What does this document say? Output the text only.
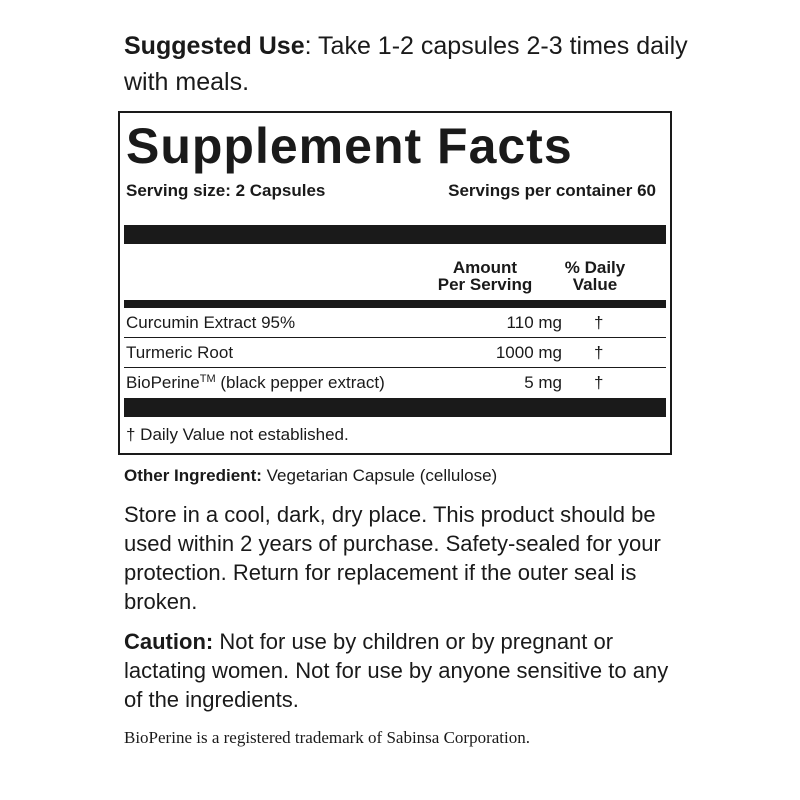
Suggested Use: Take 1-2 capsules 2-3 times daily with meals.
Supplement Facts
Serving size: 2 Capsules	Servings per container 60
Amount
Per Serving
% Daily
Value
Curcumin Extract 95%	110 mg †
Turmeric Root	1000 mg †
BioPerine™ (black pepper extract)	5 mg †
† Daily Value not established.
Other Ingredient: Vegetarian Capsule (cellulose)
Store in a cool, dark, dry place. This product should be used within 2 years of purchase. Safety-sealed for your protection. Return for replacement if the outer seal is broken.
Caution: Not for use by children or by pregnant or lactating women. Not for use by anyone sensitive to any of the ingredients.
BioPerine is a registered trademark of Sabinsa Corporation.
